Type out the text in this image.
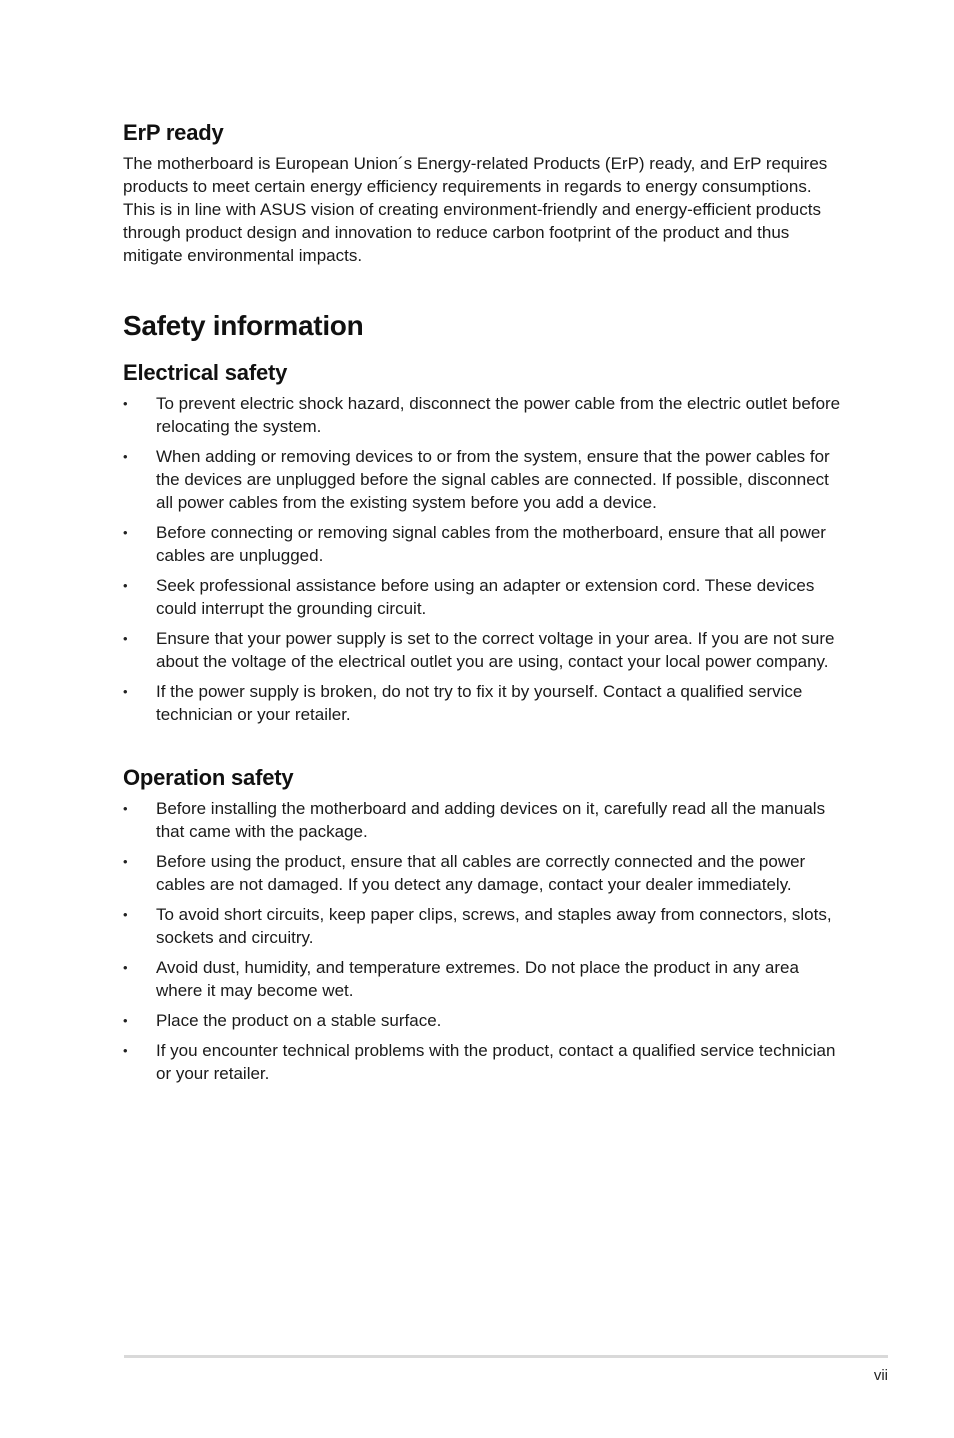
ErP ready

The motherboard is European Union´s Energy-related Products (ErP) ready, and ErP requires products to meet certain energy efficiency requirements in regards to energy consumptions. This is in line with ASUS vision of creating environment-friendly and energy-efficient products through product design and innovation to reduce carbon footprint of the product and thus mitigate environmental impacts.

Safety information
Electrical safety
• To prevent electric shock hazard, disconnect the power cable from the electric outlet before relocating the system.
• When adding or removing devices to or from the system, ensure that the power cables for the devices are unplugged before the signal cables are connected. If possible, disconnect all power cables from the existing system before you add a device.
• Before connecting or removing signal cables from the motherboard, ensure that all power cables are unplugged.
• Seek professional assistance before using an adapter or extension cord. These devices could interrupt the grounding circuit.
• Ensure that your power supply is set to the correct voltage in your area. If you are not sure about the voltage of the electrical outlet you are using, contact your local power company.
• If the power supply is broken, do not try to fix it by yourself. Contact a qualified service technician or your retailer.
Operation safety
• Before installing the motherboard and adding devices on it, carefully read all the manuals that came with the package.
• Before using the product, ensure that all cables are correctly connected and the power cables are not damaged. If you detect any damage, contact your dealer immediately.
• To avoid short circuits, keep paper clips, screws, and staples away from connectors, slots, sockets and circuitry.
• Avoid dust, humidity, and temperature extremes. Do not place the product in any area where it may become wet.
• Place the product on a stable surface.
• If you encounter technical problems with the product, contact a qualified service technician or your retailer.
vii
